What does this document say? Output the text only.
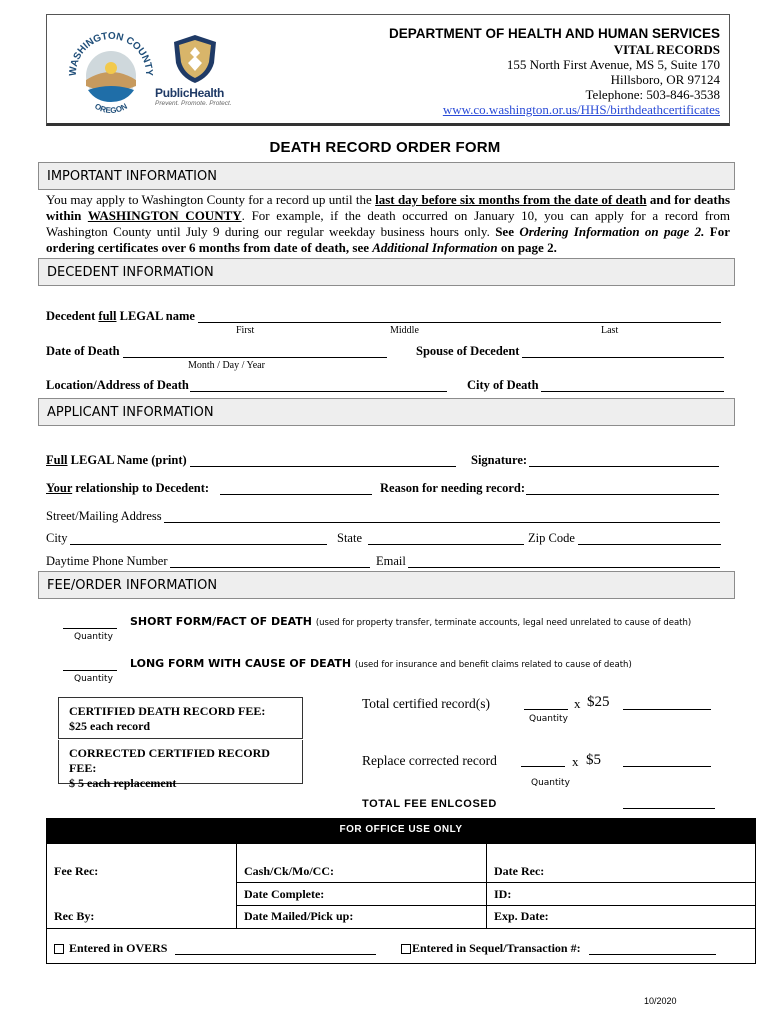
WASHINGTON COUNTY
OREGON
PublicHealth
Prevent. Promote. Protect.
DEPARTMENT OF HEALTH AND HUMAN SERVICES
VITAL RECORDS
155 North First Avenue, MS 5, Suite 170
Hillsboro, OR 97124
Telephone: 503-846-3538
www.co.washington.or.us/HHS/birthdeathcertificates
DEATH RECORD ORDER FORM
IMPORTANT INFORMATION
You may apply to Washington County for a record up until the last day before six months from the date of death and for deaths within WASHINGTON COUNTY. For example, if the death occurred on January 10, you can apply for a record from Washington County until July 9 during our regular weekday business hours only. See Ordering Information on page 2. For ordering certificates over 6 months from date of death, see Additional Information on page 2.
DECEDENT INFORMATION
Decedent full LEGAL name
First	Middle	Last
Date of Death
Month / Day / Year
Spouse of Decedent
Location/Address of Death	City of Death
APPLICANT INFORMATION
Full LEGAL Name (print)	Signature:
Your relationship to Decedent:	Reason for needing record:
Street/Mailing Address
City	State	Zip Code
Daytime Phone Number	Email
FEE/ORDER INFORMATION
Quantity
SHORT FORM/FACT OF DEATH (used for property transfer, terminate accounts, legal need unrelated to cause of death)
Quantity
LONG FORM WITH CAUSE OF DEATH (used for insurance and benefit claims related to cause of death)
CERTIFIED DEATH RECORD FEE:
$25 each record
CORRECTED CERTIFIED RECORD FEE:
$ 5 each replacement
Total certified record(s)	x $25
Quantity
Replace corrected record	x $5
Quantity
TOTAL FEE ENLCOSED
FOR OFFICE USE ONLY
Fee Rec:	Cash/Ck/Mo/CC:	Date Rec:
Date Complete:	ID:
Rec By:	Date Mailed/Pick up:	Exp. Date:
Entered in OVERS	Entered in Sequel/Transaction #:
10/2020
